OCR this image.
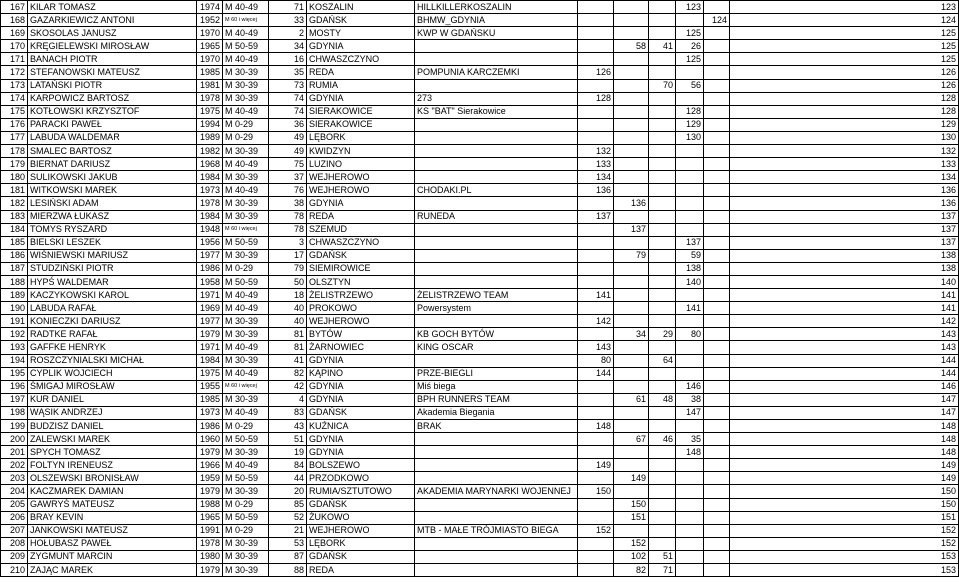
167	KILAR TOMASZ	1974	M 40-49	71	KOSZALIN	HILLKILLERKOSZALIN				123		123
168	GAZARKIEWICZ ANTONI	1952	M 60 i więcej	33	GDAŃSK	BHMW_GDYNIA					124	124
169	SKOSOLAS JANUSZ	1970	M 40-49	2	MOSTY	KWP W GDAŃSKU				125		125
170	KRĘGIELEWSKI MIROSŁAW	1965	M 50-59	34	GDYNIA			58	41	26		125
171	BANACH PIOTR	1970	M 40-49	16	CHWASZCZYNO					125		125
172	STEFANOWSKI MATEUSZ	1985	M 30-39	35	REDA	POMPUNIA KARCZEMKI	126					126
173	LATAŃSKI PIOTR	1981	M 30-39	73	RUMIA				70	56		126
174	KARPOWICZ BARTOSZ	1978	M 30-39	74	GDYNIA	273	128					128
175	KOTŁOWSKI KRZYSZTOF	1975	M 40-49	74	SIERAKOWICE	KS "BAT" Sierakowice				128		128
176	PARACKI PAWEŁ	1994	M 0-29	36	SIERAKOWICE					129		129
177	LABUDA WALDEMAR	1989	M 0-29	49	LĘBORK					130		130
178	SMALEC BARTOSZ	1982	M 30-39	49	KWIDZYN		132					132
179	BIERNAT DARIUSZ	1968	M 40-49	75	LUZINO		133					133
180	SULIKOWSKI JAKUB	1984	M 30-39	37	WEJHEROWO		134					134
181	WITKOWSKI MAREK	1973	M 40-49	76	WEJHEROWO	CHODAKI.PL	136					136
182	LESIŃSKI ADAM	1978	M 30-39	38	GDYNIA			136				136
183	MIERZWA ŁUKASZ	1984	M 30-39	78	REDA	RUNEDA	137					137
184	TOMYS RYSZARD	1948	M 60 i więcej	78	SZEMUD			137				137
185	BIELSKI LESZEK	1956	M 50-59	3	CHWASZCZYNO					137		137
186	WIŚNIEWSKI MARIUSZ	1977	M 30-39	17	GDAŃSK			79		59		138
187	STUDZIŃSKI PIOTR	1986	M 0-29	79	SIEMIROWICE					138		138
188	HYPŚ WALDEMAR	1958	M 50-59	50	OLSZTYN					140		140
189	KACZYKOWSKI KAROL	1971	M 40-49	18	ŻELISTRZEWO	ŻELISTRZEWO TEAM	141					141
190	LABUDA RAFAŁ	1969	M 40-49	40	PROKOWO	Powersystem				141		141
191	KONIECZKI DARIUSZ	1977	M 30-39	40	WEJHEROWO		142					142
192	RADTKE RAFAŁ	1979	M 30-39	81	BYTÓW	KB GOCH BYTÓW		34	29	80		143
193	GAFFKE HENRYK	1971	M 40-49	81	ŻARNOWIEC	KING OSCAR	143					143
194	ROSZCZYNIALSKI MICHAŁ	1984	M 30-39	41	GDYNIA		80		64			144
195	CYPLIK WOJCIECH	1975	M 40-49	82	KĄPINO	PRZE-BIEGLI	144					144
196	ŚMIGAJ MIROSŁAW	1955	M 60 i więcej	42	GDYNIA	Miś biega				146		146
197	KUR DANIEL	1985	M 30-39	4	GDYNIA	BPH RUNNERS TEAM		61	48	38		147
198	WĄSIK ANDRZEJ	1973	M 40-49	83	GDAŃSK	Akademia Biegania				147		147
199	BUDZISZ DANIEL	1986	M 0-29	43	KUŹNICA	BRAK	148					148
200	ZALEWSKI MAREK	1960	M 50-59	51	GDYNIA			67	46	35		148
201	SPYCH TOMASZ	1979	M 30-39	19	GDYNIA					148		148
202	FOLTYN IRENEUSZ	1966	M 40-49	84	BOLSZEWO		149					149
203	OLSZEWSKI BRONISŁAW	1959	M 50-59	44	PRZODKOWO			149				149
204	KACZMAREK DAMIAN	1979	M 30-39	20	RUMIA/SZTUTOWO	AKADEMIA MARYNARKI WOJENNEJ	150					150
205	GAWRYŚ MATEUSZ	1988	M 0-29	85	GDAŃSK			150				150
206	BRAY KEVIN	1965	M 50-59	52	ŻUKOWO			151				151
207	JANKOWSKI MATEUSZ	1991	M 0-29	21	WEJHEROWO	MTB - MAŁE TRÓJMIASTO BIEGA	152					152
208	HOŁUBASZ PAWEŁ	1978	M 30-39	53	LĘBORK			152				152
209	ZYGMUNT MARCIN	1980	M 30-39	87	GDAŃSK			102	51			153
210	ZAJĄC MAREK	1979	M 30-39	88	REDA			82	71			153
